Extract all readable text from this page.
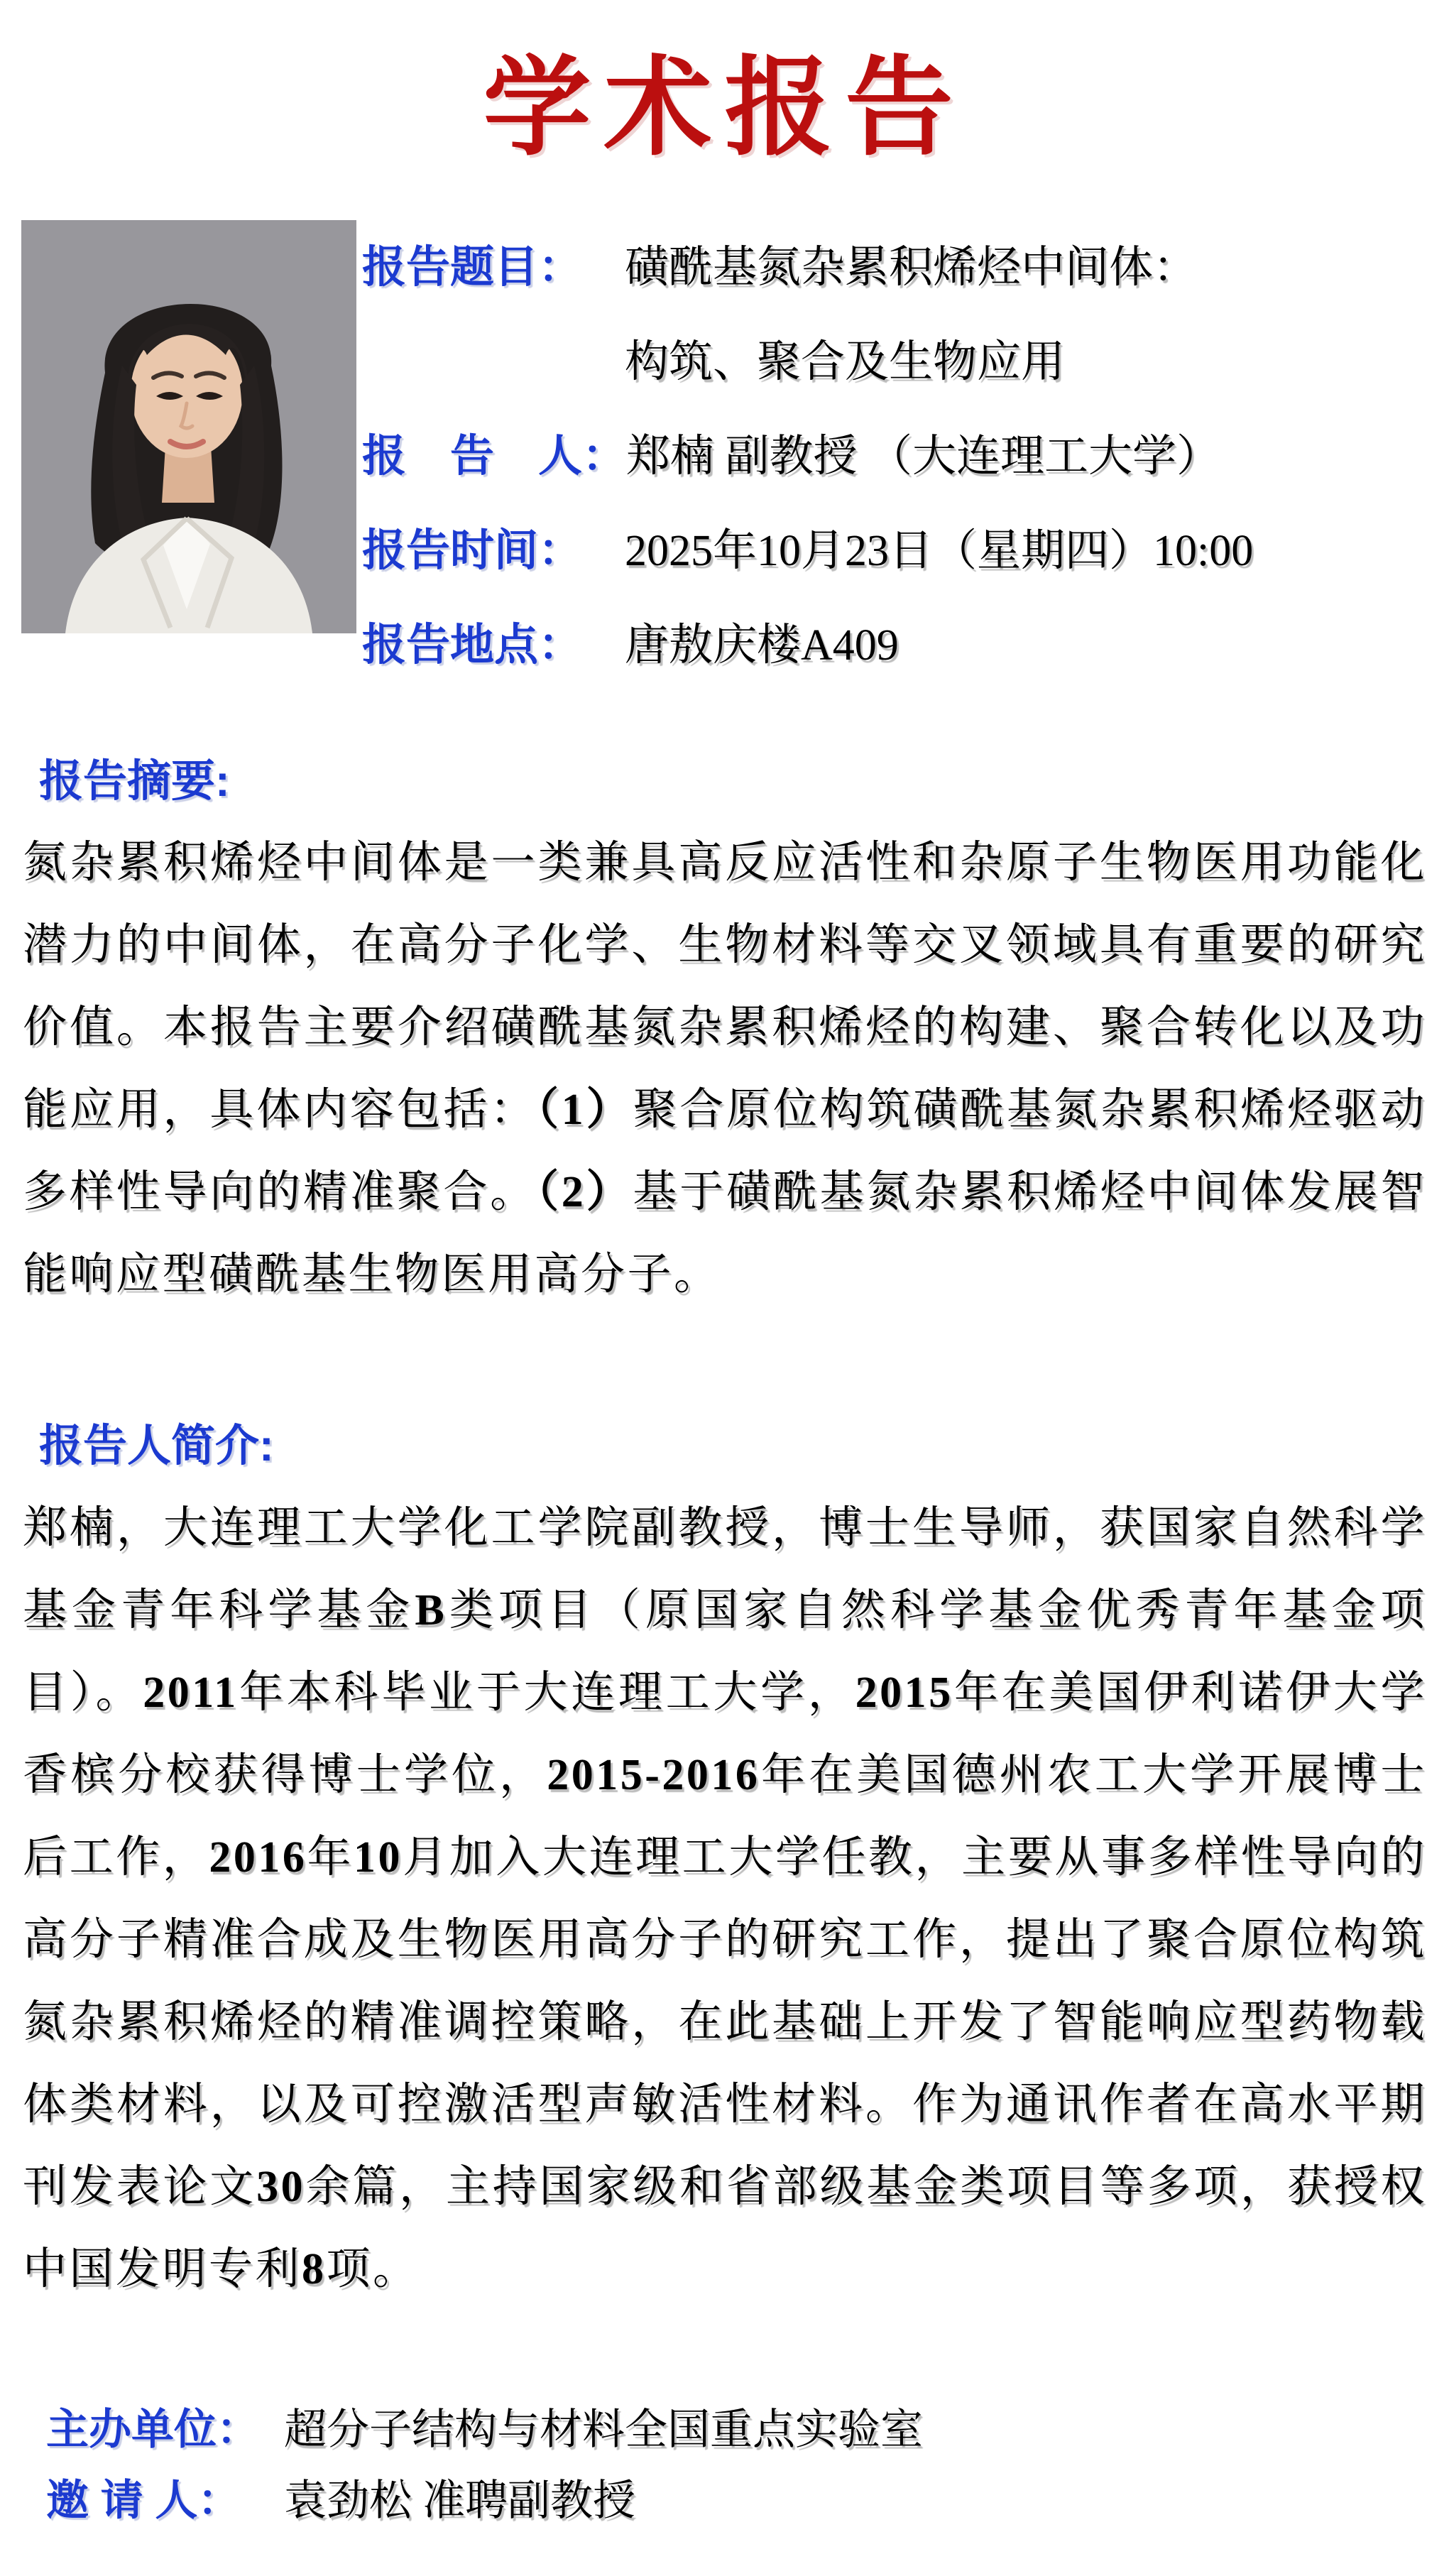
学术报告
报告题目： 磺酰基氮杂累积烯烃中间体：
构筑、聚合及生物应用
报　告　人： 郑楠 副教授 （大连理工大学）
报告时间： 2025年10月23日（星期四）10:00
报告地点： 唐敖庆楼A409
报告摘要:
氮杂累积烯烃中间体是一类兼具高反应活性和杂原子生物医用功能化潜力的中间体，在高分子化学、生物材料等交叉领域具有重要的研究价值。本报告主要介绍磺酰基氮杂累积烯烃的构建、聚合转化以及功能应用，具体内容包括：（1）聚合原位构筑磺酰基氮杂累积烯烃驱动多样性导向的精准聚合。（2）基于磺酰基氮杂累积烯烃中间体发展智能响应型磺酰基生物医用高分子。
报告人简介:
郑楠，大连理工大学化工学院副教授，博士生导师，获国家自然科学基金青年科学基金B类项目（原国家自然科学基金优秀青年基金项目）。2011年本科毕业于大连理工大学，2015年在美国伊利诺伊大学香槟分校获得博士学位，2015-2016年在美国德州农工大学开展博士后工作，2016年10月加入大连理工大学任教，主要从事多样性导向的高分子精准合成及生物医用高分子的研究工作，提出了聚合原位构筑氮杂累积烯烃的精准调控策略，在此基础上开发了智能响应型药物载体类材料，以及可控激活型声敏活性材料。作为通讯作者在高水平期刊发表论文30余篇，主持国家级和省部级基金类项目等多项，获授权中国发明专利8项。
主办单位： 超分子结构与材料全国重点实验室
邀 请 人：	袁劲松 准聘副教授
